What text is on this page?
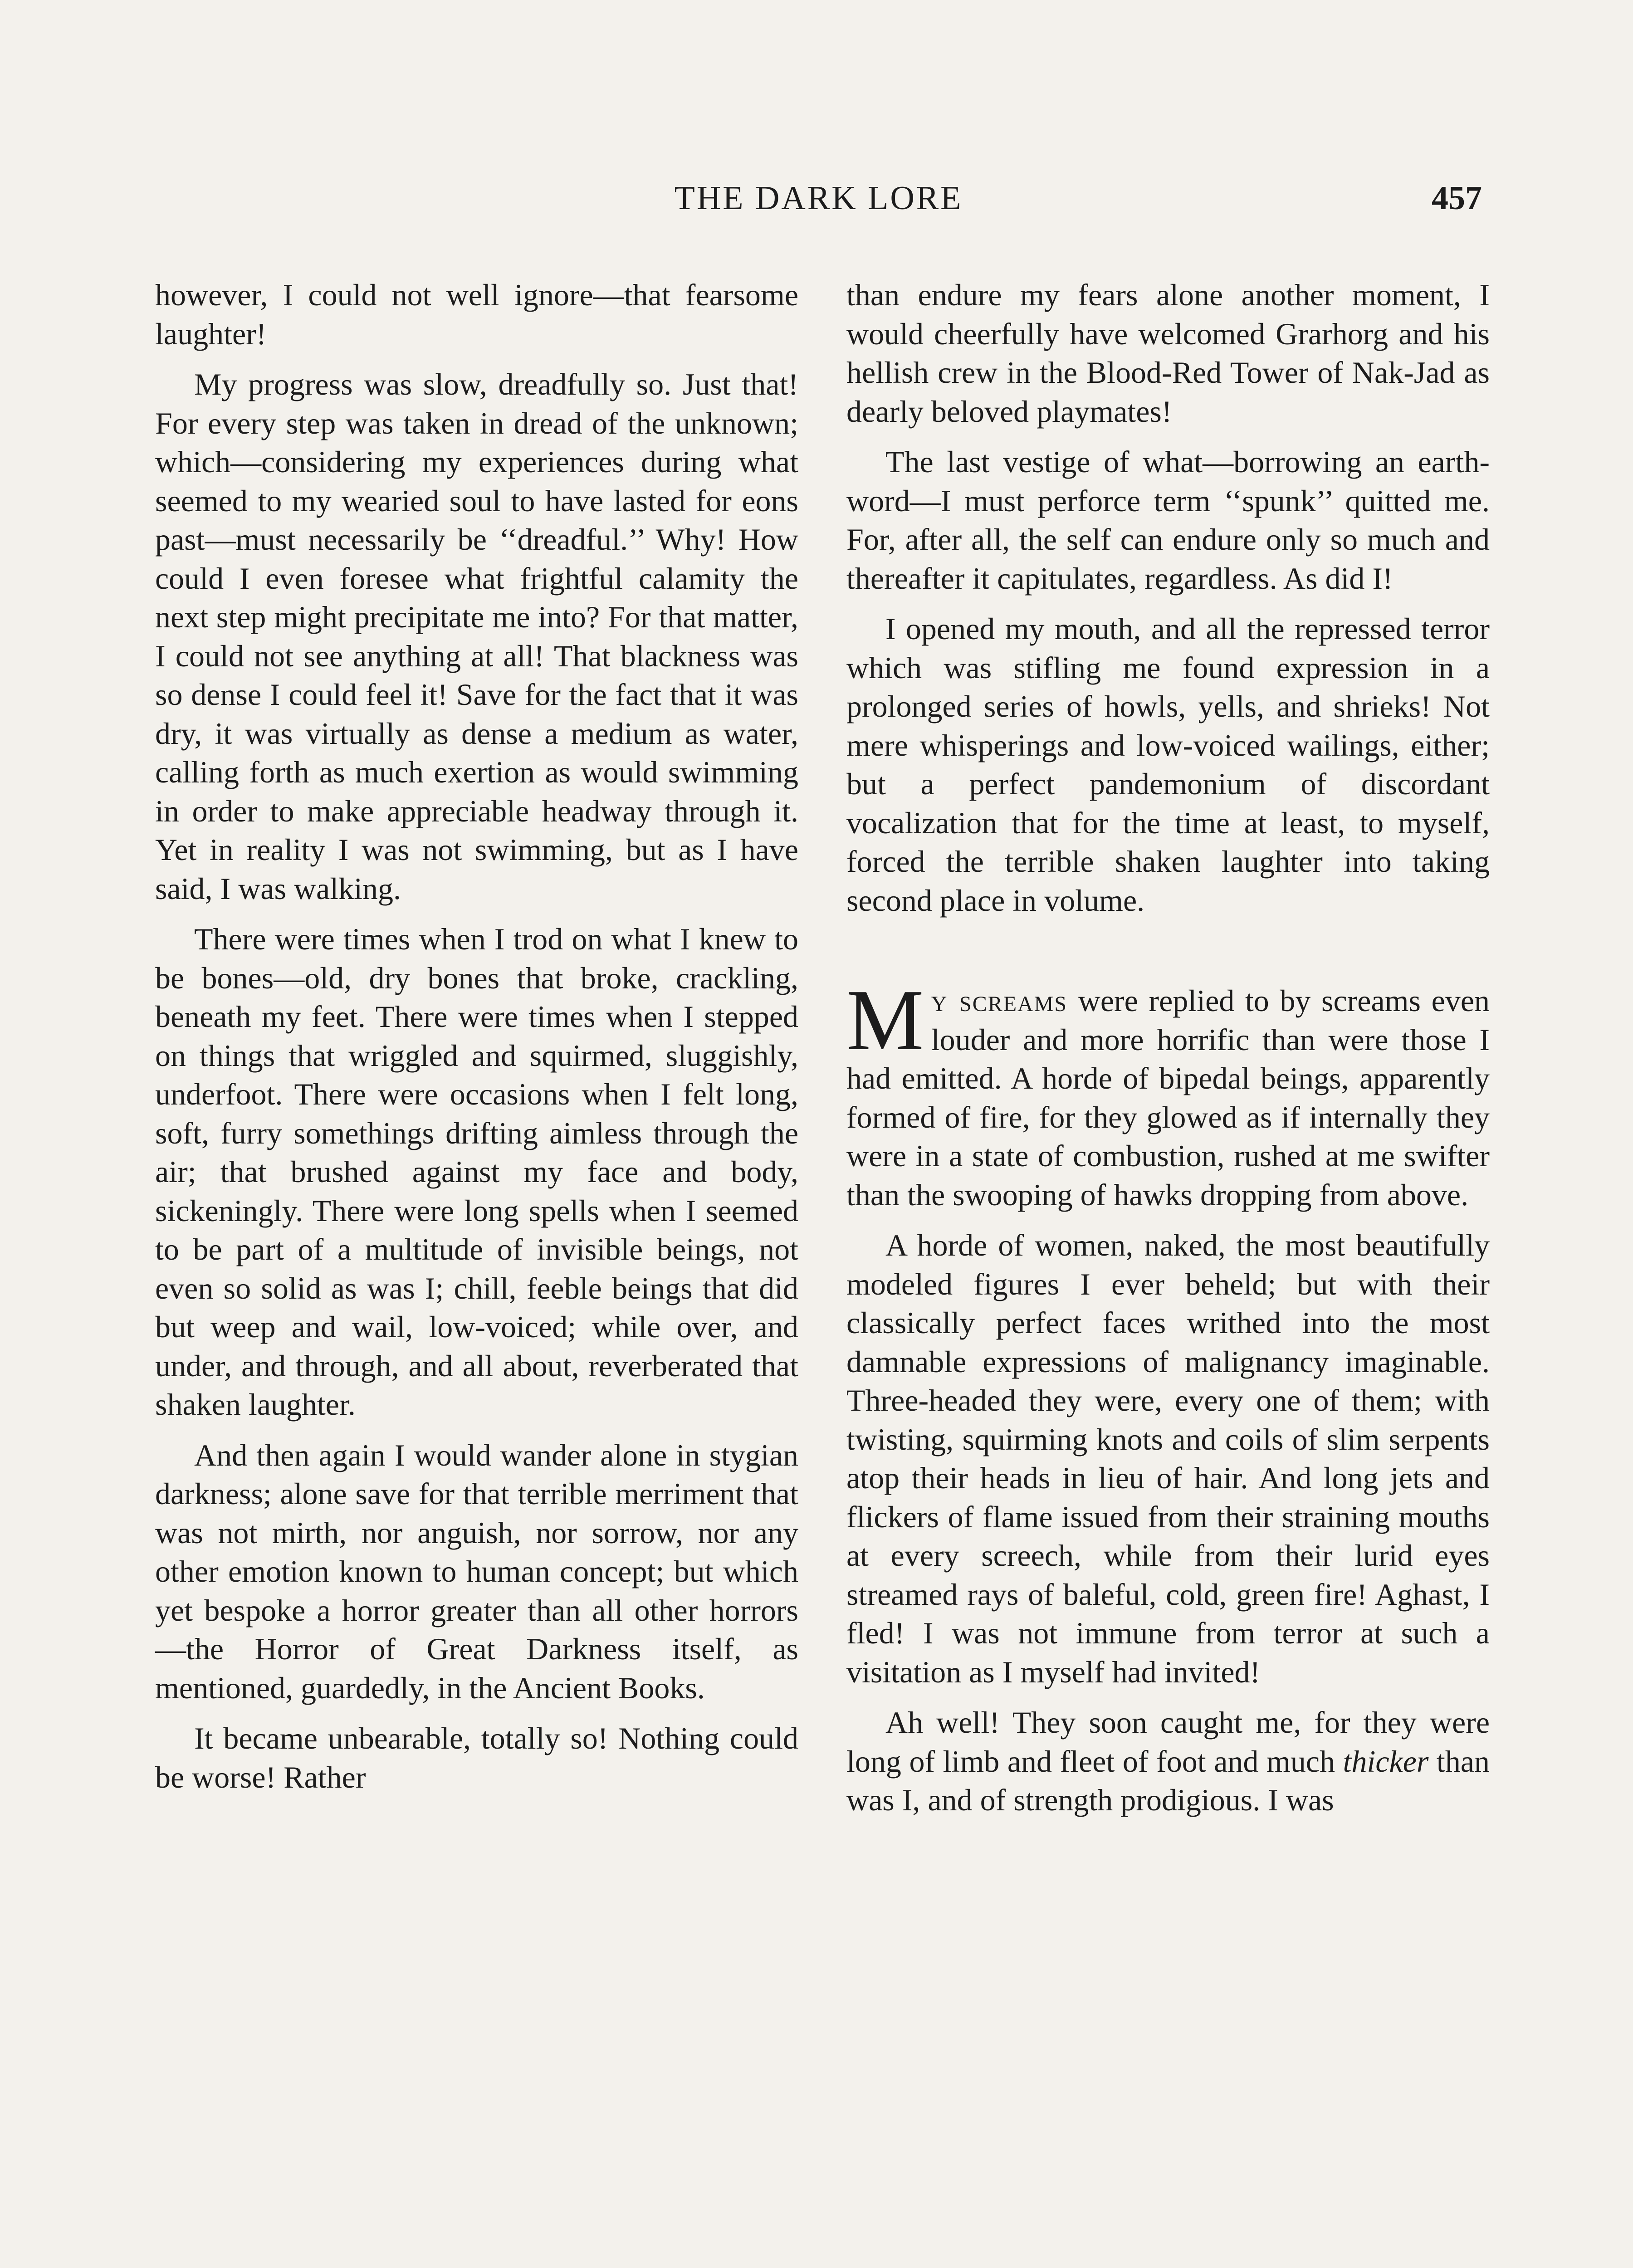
THE DARK LORE	457

however, I could not well ignore—that fearsome laughter!

My progress was slow, dreadfully so. Just that! For every step was taken in dread of the unknown; which—considering my experiences during what seemed to my wearied soul to have lasted for eons past—must necessarily be ‘‘dreadful.’’ Why! How could I even foresee what frightful calamity the next step might precipitate me into? For that matter, I could not see anything at all! That blackness was so dense I could feel it! Save for the fact that it was dry, it was virtually as dense a medium as water, calling forth as much exertion as would swimming in order to make appreciable headway through it. Yet in reality I was not swimming, but as I have said, I was walking.

There were times when I trod on what I knew to be bones—old, dry bones that broke, crackling, beneath my feet. There were times when I stepped on things that wriggled and squirmed, sluggishly, underfoot. There were occasions when I felt long, soft, furry somethings drifting aimless through the air; that brushed against my face and body, sickeningly. There were long spells when I seemed to be part of a multitude of invisible beings, not even so solid as was I; chill, feeble beings that did but weep and wail, low-voiced; while over, and under, and through, and all about, reverberated that shaken laughter.

And then again I would wander alone in stygian darkness; alone save for that terrible merriment that was not mirth, nor anguish, nor sorrow, nor any other emotion known to human concept; but which yet bespoke a horror greater than all other horrors—the Horror of Great Darkness itself, as mentioned, guardedly, in the Ancient Books.

It became unbearable, totally so! Nothing could be worse! Rather

than endure my fears alone another moment, I would cheerfully have welcomed Grarhorg and his hellish crew in the Blood-Red Tower of Nak-Jad as dearly beloved playmates!

The last vestige of what—borrowing an earth-word—I must perforce term ‘‘spunk’’ quitted me. For, after all, the self can endure only so much and thereafter it capitulates, regardless. As did I!

I opened my mouth, and all the repressed terror which was stifling me found expression in a prolonged series of howls, yells, and shrieks! Not mere whisperings and low-voiced wailings, either; but a perfect pandemonium of discordant vocalization that for the time at least, to myself, forced the terrible shaken laughter into taking second place in volume.

My screams were replied to by screams even louder and more horrific than were those I had emitted. A horde of bipedal beings, apparently formed of fire, for they glowed as if internally they were in a state of combustion, rushed at me swifter than the swooping of hawks dropping from above.

A horde of women, naked, the most beautifully modeled figures I ever beheld; but with their classically perfect faces writhed into the most damnable expressions of malignancy imaginable. Three-headed they were, every one of them; with twisting, squirming knots and coils of slim serpents atop their heads in lieu of hair. And long jets and flickers of flame issued from their straining mouths at every screech, while from their lurid eyes streamed rays of baleful, cold, green fire! Aghast, I fled! I was not immune from terror at such a visitation as I myself had invited!

Ah well! They soon caught me, for they were long of limb and fleet of foot and much thicker than was I, and of strength prodigious. I was
